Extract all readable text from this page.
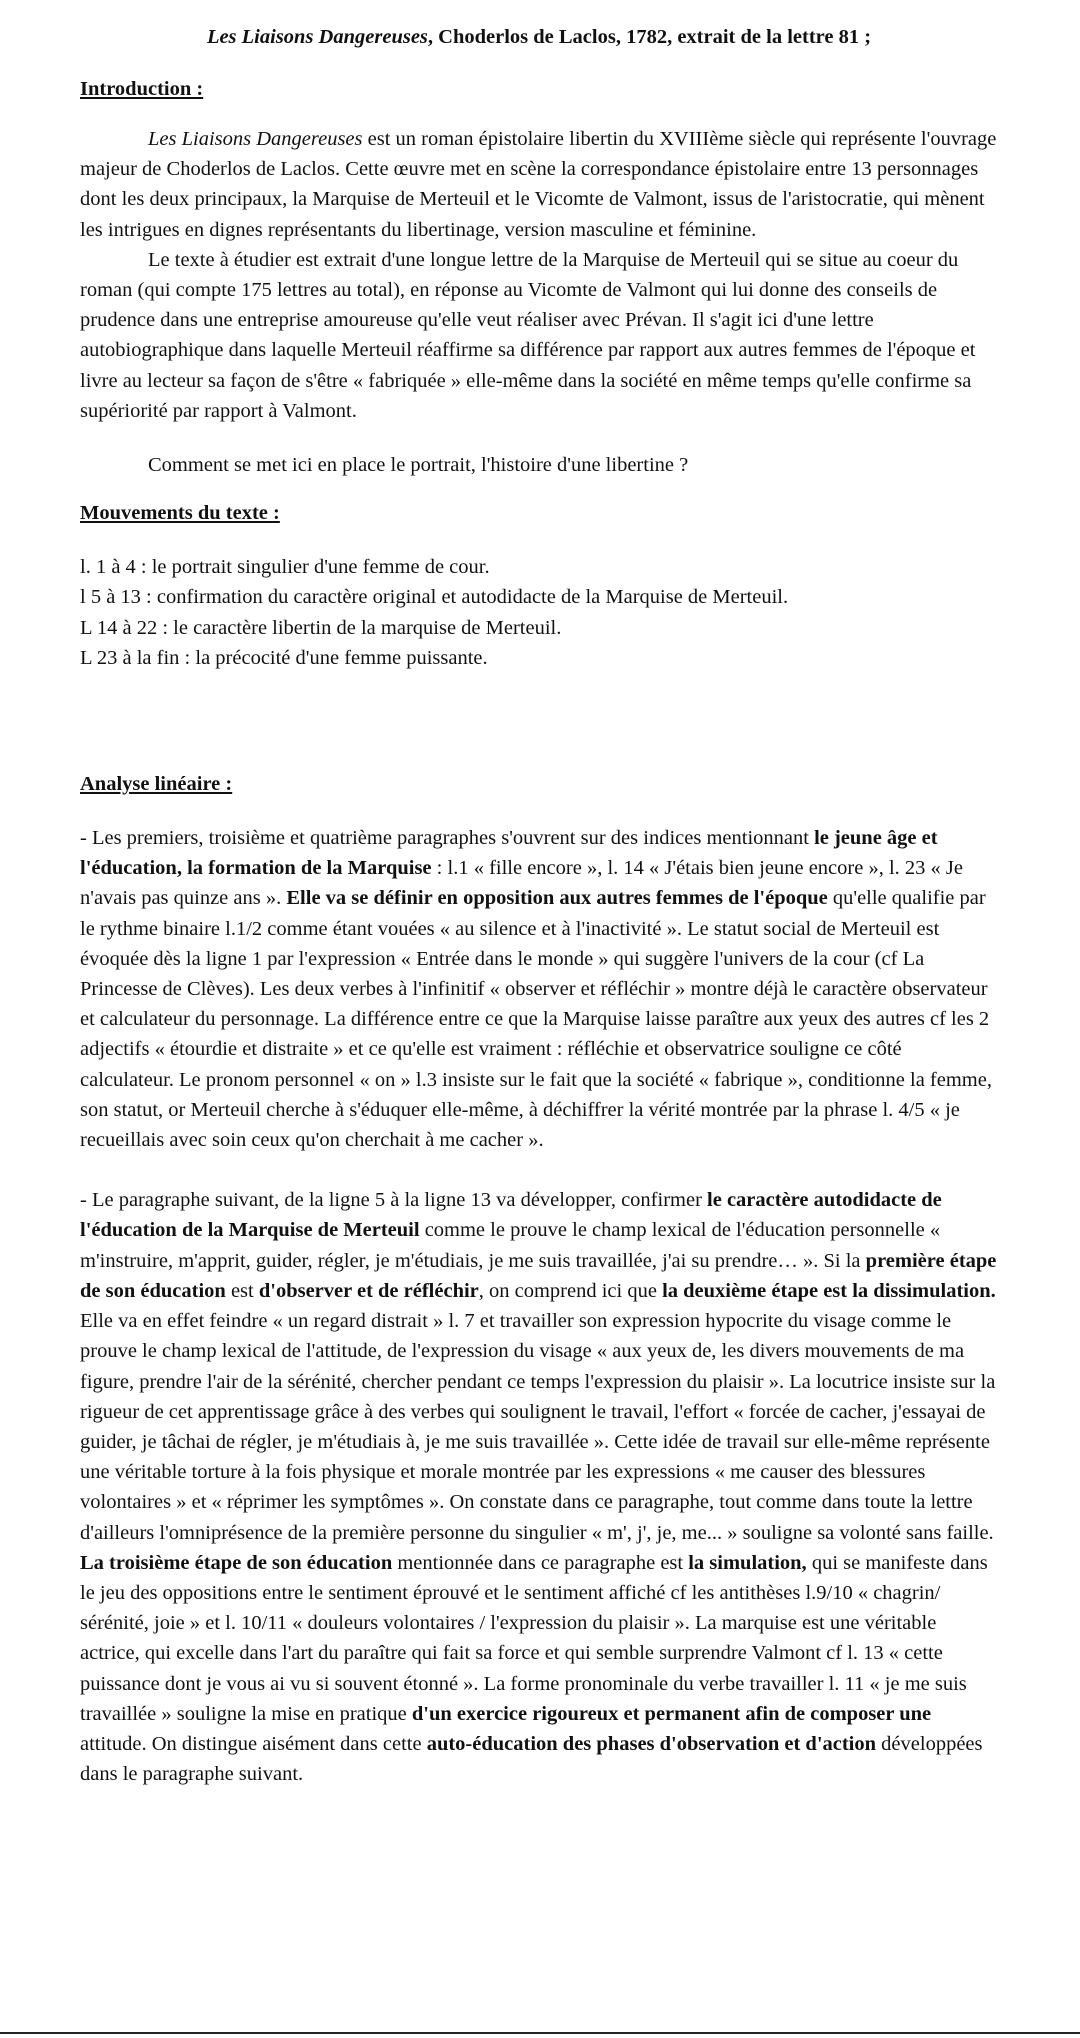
Les Liaisons Dangereuses, Choderlos de Laclos, 1782, extrait de la lettre 81 ;
Introduction :

Les Liaisons Dangereuses est un roman épistolaire libertin du XVIIIème siècle qui représente l'ouvrage majeur de Choderlos de Laclos. Cette œuvre met en scène la correspondance épistolaire entre 13 personnages dont les deux principaux, la Marquise de Merteuil et le Vicomte de Valmont, issus de l'aristocratie, qui mènent les intrigues en dignes représentants du libertinage, version masculine et féminine.

Le texte à étudier est extrait d'une longue lettre de la Marquise de Merteuil qui se situe au coeur du roman (qui compte 175 lettres au total), en réponse au Vicomte de Valmont qui lui donne des conseils de prudence dans une entreprise amoureuse qu'elle veut réaliser avec Prévan. Il s'agit ici d'une lettre autobiographique dans laquelle Merteuil réaffirme sa différence par rapport aux autres femmes de l'époque et livre au lecteur sa façon de s'être « fabriquée » elle-même dans la société en même temps qu'elle confirme sa supériorité par rapport à Valmont.

Comment se met ici en place le portrait, l'histoire d'une libertine ?

Mouvements du texte :

l. 1 à 4 : le portrait singulier d'une femme de cour.

l 5 à 13 : confirmation du caractère original et autodidacte de la Marquise de Merteuil.

L 14 à 22 : le caractère libertin de la marquise de Merteuil.

L 23 à la fin : la précocité d'une femme puissante.

Analyse linéaire :

- Les premiers, troisième et quatrième paragraphes s'ouvrent sur des indices mentionnant le jeune âge et l'éducation, la formation de la Marquise : l.1 « fille encore », l. 14 « J'étais bien jeune encore », l. 23 « Je n'avais pas quinze ans ». Elle va se définir en opposition aux autres femmes de l'époque qu'elle qualifie par le rythme binaire l.1/2 comme étant vouées « au silence et à l'inactivité ». Le statut social de Merteuil est évoquée dès la ligne 1 par l'expression « Entrée dans le monde » qui suggère l'univers de la cour (cf La Princesse de Clèves). Les deux verbes à l'infinitif « observer et réfléchir » montre déjà le caractère observateur et calculateur du personnage. La différence entre ce que la Marquise laisse paraître aux yeux des autres cf les 2 adjectifs « étourdie et distraite » et ce qu'elle est vraiment : réfléchie et observatrice souligne ce côté calculateur. Le pronom personnel « on » l.3 insiste sur le fait que la société « fabrique », conditionne la femme, son statut, or Merteuil cherche à s'éduquer elle-même, à déchiffrer la vérité montrée par la phrase l. 4/5 « je recueillais avec soin ceux qu'on cherchait à me cacher ».

- Le paragraphe suivant, de la ligne 5 à la ligne 13 va développer, confirmer le caractère autodidacte de l'éducation de la Marquise de Merteuil comme le prouve le champ lexical de l'éducation personnelle « m'instruire, m'apprit, guider, régler, je m'étudiais, je me suis travaillée, j'ai su prendre… ». Si la première étape de son éducation est d'observer et de réfléchir, on comprend ici que la deuxième étape est la dissimulation. Elle va en effet feindre « un regard distrait » l. 7 et travailler son expression hypocrite du visage comme le prouve le champ lexical de l'attitude, de l'expression du visage « aux yeux de, les divers mouvements de ma figure, prendre l'air de la sérénité, chercher pendant ce temps l'expression du plaisir ». La locutrice insiste sur la rigueur de cet apprentissage grâce à des verbes qui soulignent le travail, l'effort « forcée de cacher, j'essayai de guider, je tâchai de régler, je m'étudiais à, je me suis travaillée ». Cette idée de travail sur elle-même représente une véritable torture à la fois physique et morale montrée par les expressions « me causer des blessures volontaires » et « réprimer les symptômes ». On constate dans ce paragraphe, tout comme dans toute la lettre d'ailleurs l'omniprésence de la première personne du singulier « m', j', je, me... » souligne sa volonté sans faille. La troisième étape de son éducation mentionnée dans ce paragraphe est la simulation, qui se manifeste dans le jeu des oppositions entre le sentiment éprouvé et le sentiment affiché cf les antithèses l.9/10 « chagrin/ sérénité, joie » et l. 10/11 « douleurs volontaires / l'expression du plaisir ». La marquise est une véritable actrice, qui excelle dans l'art du paraître qui fait sa force et qui semble surprendre Valmont cf l. 13 « cette puissance dont je vous ai vu si souvent étonné ». La forme pronominale du verbe travailler l. 11 « je me suis travaillée » souligne la mise en pratique d'un exercice rigoureux et permanent afin de composer une attitude. On distingue aisément dans cette auto-éducation des phases d'observation et d'action développées dans le paragraphe suivant.
